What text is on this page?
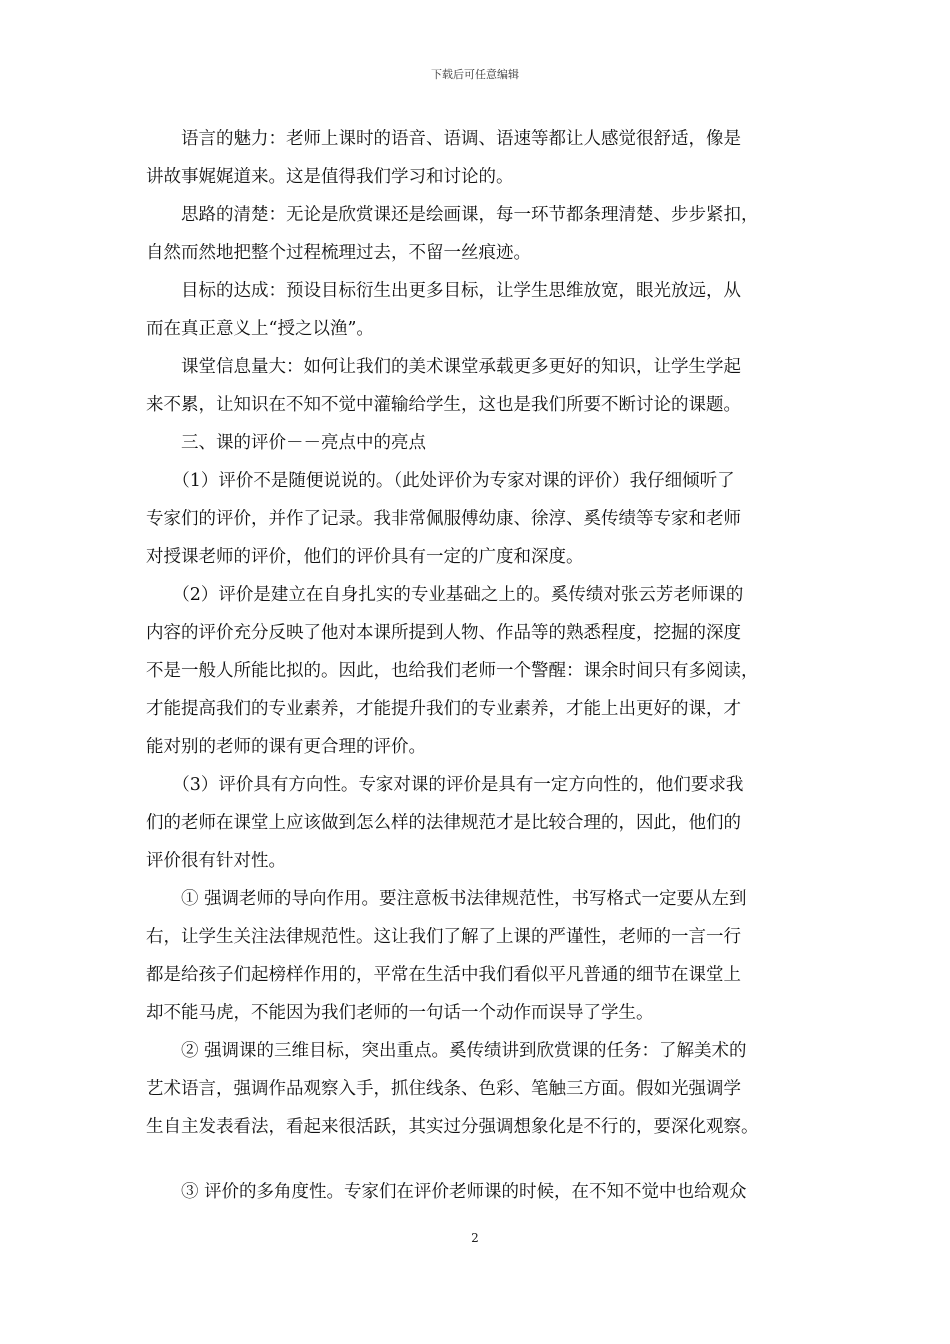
下载后可任意编辑
　　语言的魅力：老师上课时的语音、语调、语速等都让人感觉很舒适，像是
讲故事娓娓道来。这是值得我们学习和讨论的。
　　思路的清楚：无论是欣赏课还是绘画课，每一环节都条理清楚、步步紧扣，
自然而然地把整个过程梳理过去，不留一丝痕迹。
　　目标的达成：预设目标衍生出更多目标，让学生思维放宽，眼光放远，从
而在真正意义上“授之以渔”。
　　课堂信息量大：如何让我们的美术课堂承载更多更好的知识，让学生学起
来不累，让知识在不知不觉中灌输给学生，这也是我们所要不断讨论的课题。
　　三、课的评价－－亮点中的亮点
　　（1）评价不是随便说说的。（此处评价为专家对课的评价）我仔细倾听了
专家们的评价，并作了记录。我非常佩服傅幼康、徐淳、奚传绩等专家和老师
对授课老师的评价，他们的评价具有一定的广度和深度。
　　（2）评价是建立在自身扎实的专业基础之上的。奚传绩对张云芳老师课的
内容的评价充分反映了他对本课所提到人物、作品等的熟悉程度，挖掘的深度
不是一般人所能比拟的。因此，也给我们老师一个警醒：课余时间只有多阅读，
才能提高我们的专业素养，才能提升我们的专业素养，才能上出更好的课，才
能对别的老师的课有更合理的评价。
　　（3）评价具有方向性。专家对课的评价是具有一定方向性的，他们要求我
们的老师在课堂上应该做到怎么样的法律规范才是比较合理的，因此，他们的
评价很有针对性。
　　① 强调老师的导向作用。要注意板书法律规范性，书写格式一定要从左到
右，让学生关注法律规范性。这让我们了解了上课的严谨性，老师的一言一行
都是给孩子们起榜样作用的，平常在生活中我们看似平凡普通的细节在课堂上
却不能马虎，不能因为我们老师的一句话一个动作而误导了学生。
　　② 强调课的三维目标，突出重点。奚传绩讲到欣赏课的任务：了解美术的
艺术语言，强调作品观察入手，抓住线条、色彩、笔触三方面。假如光强调学
生自主发表看法，看起来很活跃，其实过分强调想象化是不行的，要深化观察。
　　③ 评价的多角度性。专家们在评价老师课的时候，在不知不觉中也给观众
2
